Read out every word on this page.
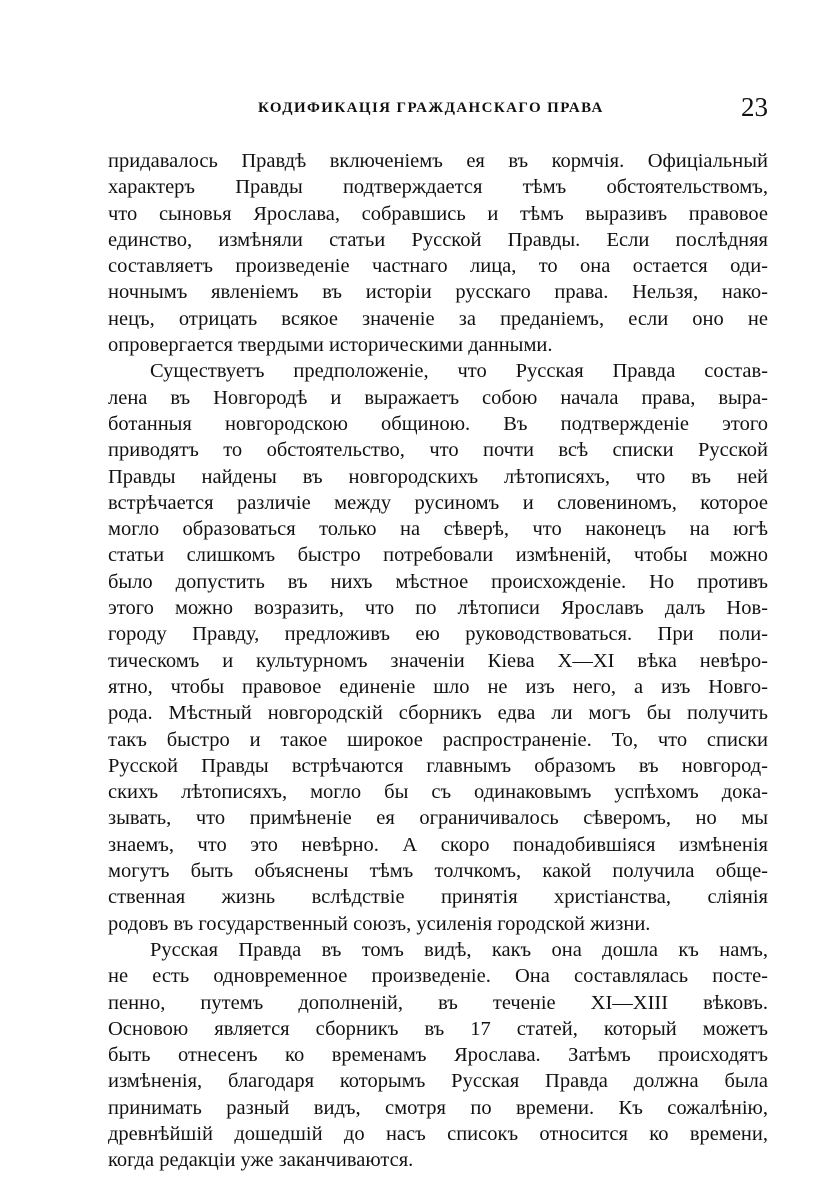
КОДИФИКАЦІЯ ГРАЖДАНСКАГО ПРАВА	23
придавалось Правдѣ включеніемъ ея въ кормчія. Офиціальный
характеръ Правды подтверждается тѣмъ обстоятельствомъ,
что сыновья Ярослава, собравшись и тѣмъ выразивъ правовое
единство, измѣняли статьи Русской Правды. Если послѣдняя
составляетъ произведеніе частнаго лица, то она остается оди-
ночнымъ явленіемъ въ исторіи русскаго права. Нельзя, нако-
нецъ, отрицать всякое значеніе за преданіемъ, если оно не
опровергается твердыми историческими данными.
Существуетъ предположеніе, что Русская Правда состав-
лена въ Новгородѣ и выражаетъ собою начала права, выра-
ботанныя новгородскою общиною. Въ подтвержденіе этого
приводятъ то обстоятельство, что почти всѣ списки Русской
Правды найдены въ новгородскихъ лѣтописяхъ, что въ ней
встрѣчается различіе между русиномъ и словениномъ, которое
могло образоваться только на сѣверѣ, что наконецъ на югѣ
статьи слишкомъ быстро потребовали измѣненій, чтобы можно
было допустить въ нихъ мѣстное происхожденіе. Но противъ
этого можно возразить, что по лѣтописи Ярославъ далъ Нов-
городу Правду, предложивъ ею руководствоваться. При поли-
тическомъ и культурномъ значеніи Кіева X—XI вѣка невѣро-
ятно, чтобы правовое единеніе шло не изъ него, а изъ Новго-
рода. Мѣстный новгородскій сборникъ едва ли могъ бы получить
такъ быстро и такое широкое распространеніе. То, что списки
Русской Правды встрѣчаются главнымъ образомъ въ новгород-
скихъ лѣтописяхъ, могло бы съ одинаковымъ успѣхомъ дока-
зывать, что примѣненіе ея ограничивалось сѣверомъ, но мы
знаемъ, что это невѣрно. А скоро понадобившіяся измѣненія
могутъ быть объяснены тѣмъ толчкомъ, какой получила обще-
ственная жизнь вслѣдствіе принятія христіанства, слiянія
родовъ въ государственный союзъ, усиленія городской жизни.
Русская Правда въ томъ видѣ, какъ она дошла къ намъ,
не есть одновременное произведеніе. Она составлялась посте-
пенно, путемъ дополненій, въ теченіе XI—XIII вѣковъ.
Основою является сборникъ въ 17 статей, который можетъ
быть отнесенъ ко временамъ Ярослава. Затѣмъ происходятъ
измѣненія, благодаря которымъ Русская Правда должна была
принимать разный видъ, смотря по времени. Къ сожалѣнію,
древнѣйшій дошедшій до насъ списокъ относится ко времени,
когда редакціи уже заканчиваются.
